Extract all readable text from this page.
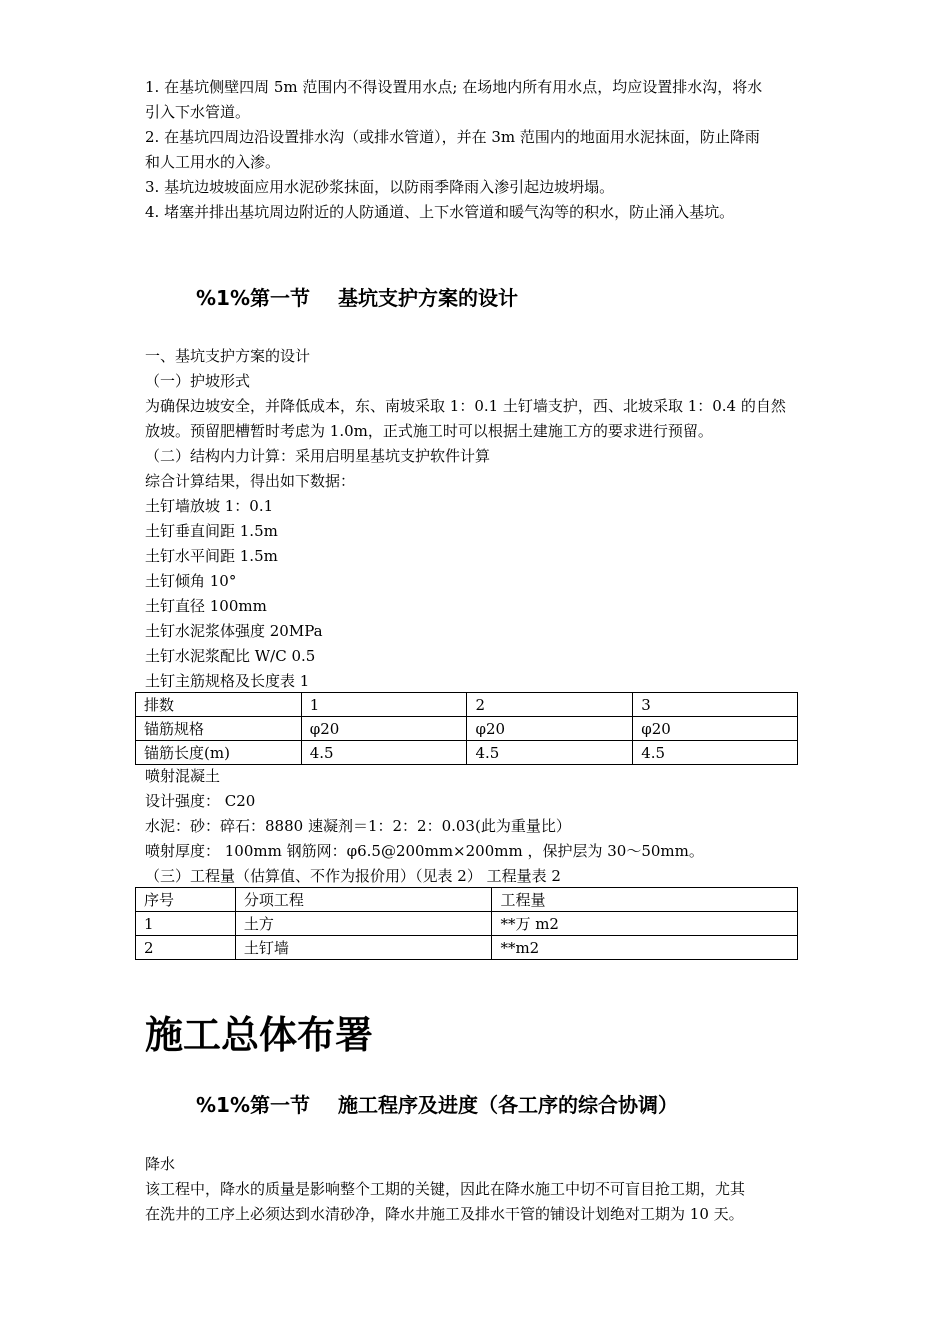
1. 在基坑侧壁四周 5m 范围内不得设置用水点; 在场地内所有用水点，均应设置排水沟，将水

引入下水管道。

2. 在基坑四周边沿设置排水沟（或排水管道），并在 3m 范围内的地面用水泥抹面，防止降雨

和人工用水的入渗。

3. 基坑边坡坡面应用水泥砂浆抹面，以防雨季降雨入渗引起边坡坍塌。

4. 堵塞并排出基坑周边附近的人防通道、上下水管道和暖气沟等的积水，防止涌入基坑。

%1%第一节 基坑支护方案的设计

一、基坑支护方案的设计

（一）护坡形式

为确保边坡安全，并降低成本，东、南坡采取 1：0.1 土钉墙支护，西、北坡采取 1：0.4 的自然

放坡。预留肥槽暂时考虑为 1.0m，正式施工时可以根据土建施工方的要求进行预留。

（二）结构内力计算：采用启明星基坑支护软件计算

综合计算结果，得出如下数据：

土钉墙放坡 1：0.1

土钉垂直间距 1.5m

土钉水平间距 1.5m

土钉倾角 10°

土钉直径 100mm

土钉水泥浆体强度 20MPa

土钉水泥浆配比 W/C 0.5

土钉主筋规格及长度表 1

排数	1	2	3
锚筋规格	φ20	φ20	φ20
锚筋长度(m)	4.5	4.5	4.5

喷射混凝土

设计强度： C20

水泥：砂：碎石：8880 速凝剂＝1：2：2：0.03(此为重量比）

喷射厚度： 100mm 钢筋网：φ6.5@200mm×200mm ，保护层为 30～50mm。

（三）工程量（估算值、不作为报价用）（见表 2） 工程量表 2

序号	分项工程	工程量
1	土方	**万 m2
2	土钉墙	**m2
施工总体布署
%1%第一节 施工程序及进度（各工序的综合协调）

降水

该工程中，降水的质量是影响整个工期的关键，因此在降水施工中切不可盲目抢工期，尤其

在洗井的工序上必须达到水清砂净，降水井施工及排水干管的铺设计划绝对工期为 10 天。
